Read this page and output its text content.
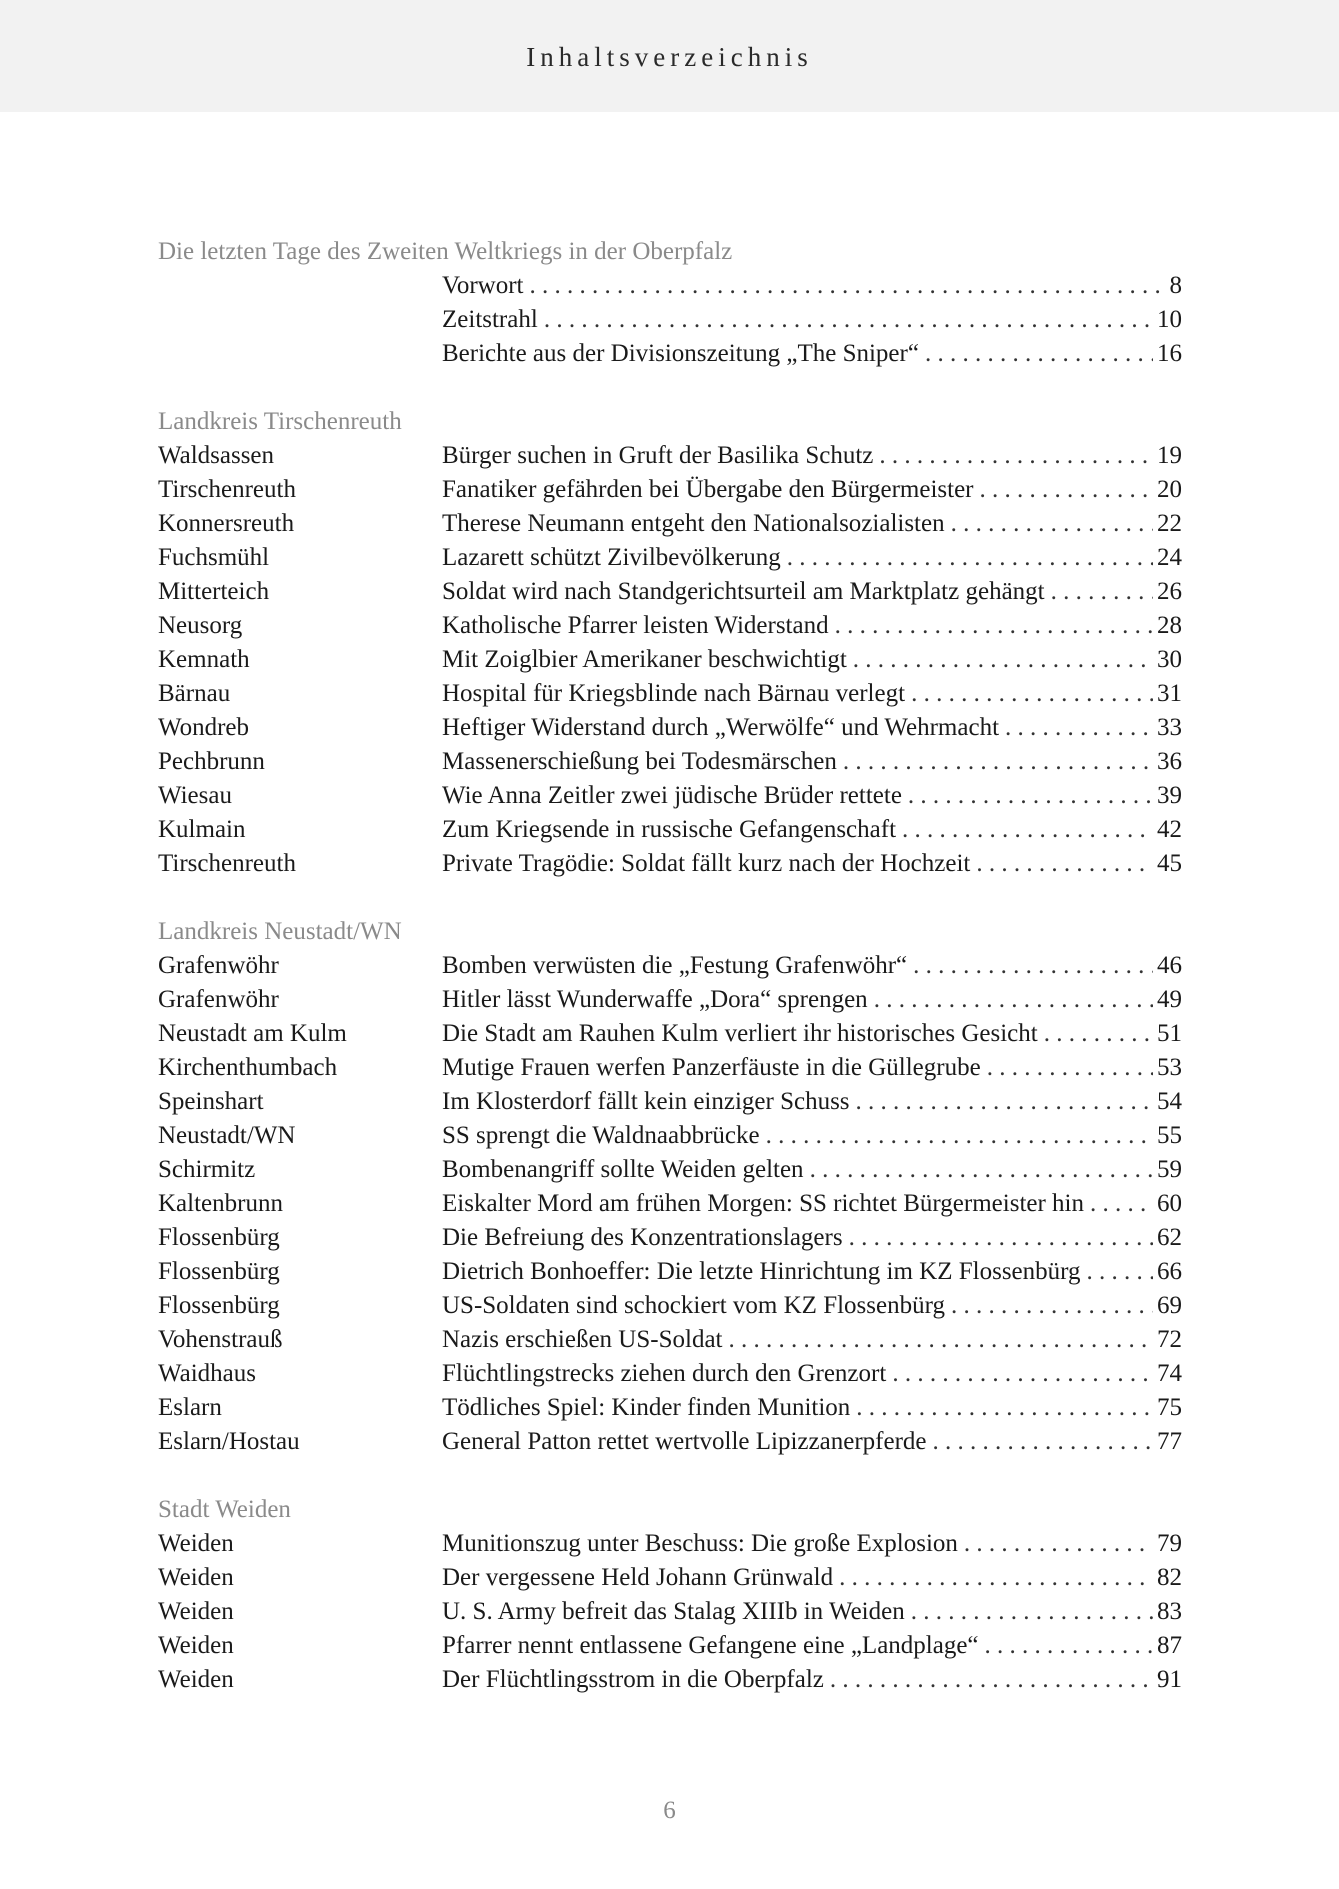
Inhaltsverzeichnis
Die letzten Tage des Zweiten Weltkriegs in der Oberpfalz
Vorwort . . .	8
Zeitstrahl . . .	10
Berichte aus der Divisionszeitung „The Sniper“ . . .	16
Landkreis Tirschenreuth
Waldsassen	Bürger suchen in Gruft der Basilika Schutz . . .	19
Tirschenreuth	Fanatiker gefährden bei Übergabe den Bürgermeister . . .	20
Konnersreuth	Therese Neumann entgeht den Nationalsozialisten . . .	22
Fuchsmühl	Lazarett schützt Zivilbevölkerung . . .	24
Mitterteich	Soldat wird nach Standgerichtsurteil am Marktplatz gehängt . . .	26
Neusorg	Katholische Pfarrer leisten Widerstand . . .	28
Kemnath	Mit Zoiglbier Amerikaner beschwichtigt . . .	30
Bärnau	Hospital für Kriegsblinde nach Bärnau verlegt . . .	31
Wondreb	Heftiger Widerstand durch „Werwölfe“ und Wehrmacht . . .	33
Pechbrunn	Massenerschießung bei Todesmärschen . . .	36
Wiesau	Wie Anna Zeitler zwei jüdische Brüder rettete . . .	39
Kulmain	Zum Kriegsende in russische Gefangenschaft . . .	42
Tirschenreuth	Private Tragödie: Soldat fällt kurz nach der Hochzeit . . .	45
Landkreis Neustadt/WN
Grafenwöhr	Bomben verwüsten die „Festung Grafenwöhr“ . . .	46
Grafenwöhr	Hitler lässt Wunderwaffe „Dora“ sprengen . . .	49
Neustadt am Kulm	Die Stadt am Rauhen Kulm verliert ihr historisches Gesicht . . .	51
Kirchenthumbach	Mutige Frauen werfen Panzerfäuste in die Güllegrube . . .	53
Speinshart	Im Klosterdorf fällt kein einziger Schuss . . .	54
Neustadt/WN	SS sprengt die Waldnaabbrücke . . .	55
Schirmitz	Bombenangriff sollte Weiden gelten . . .	59
Kaltenbrunn	Eiskalter Mord am frühen Morgen: SS richtet Bürgermeister hin . . .	60
Flossenbürg	Die Befreiung des Konzentrationslagers . . .	62
Flossenbürg	Dietrich Bonhoeffer: Die letzte Hinrichtung im KZ Flossenbürg . . .	66
Flossenbürg	US-Soldaten sind schockiert vom KZ Flossenbürg . . .	69
Vohenstrauß	Nazis erschießen US-Soldat . . .	72
Waidhaus	Flüchtlingstrecks ziehen durch den Grenzort . . .	74
Eslarn	Tödliches Spiel: Kinder finden Munition . . .	75
Eslarn/Hostau	General Patton rettet wertvolle Lipizzanerpferde . . .	77
Stadt Weiden
Weiden	Munitionszug unter Beschuss: Die große Explosion . . .	79
Weiden	Der vergessene Held Johann Grünwald . . .	82
Weiden	U. S. Army befreit das Stalag XIIIb in Weiden . . .	83
Weiden	Pfarrer nennt entlassene Gefangene eine „Landplage“ . . .	87
Weiden	Der Flüchtlingsstrom in die Oberpfalz . . .	91
6
